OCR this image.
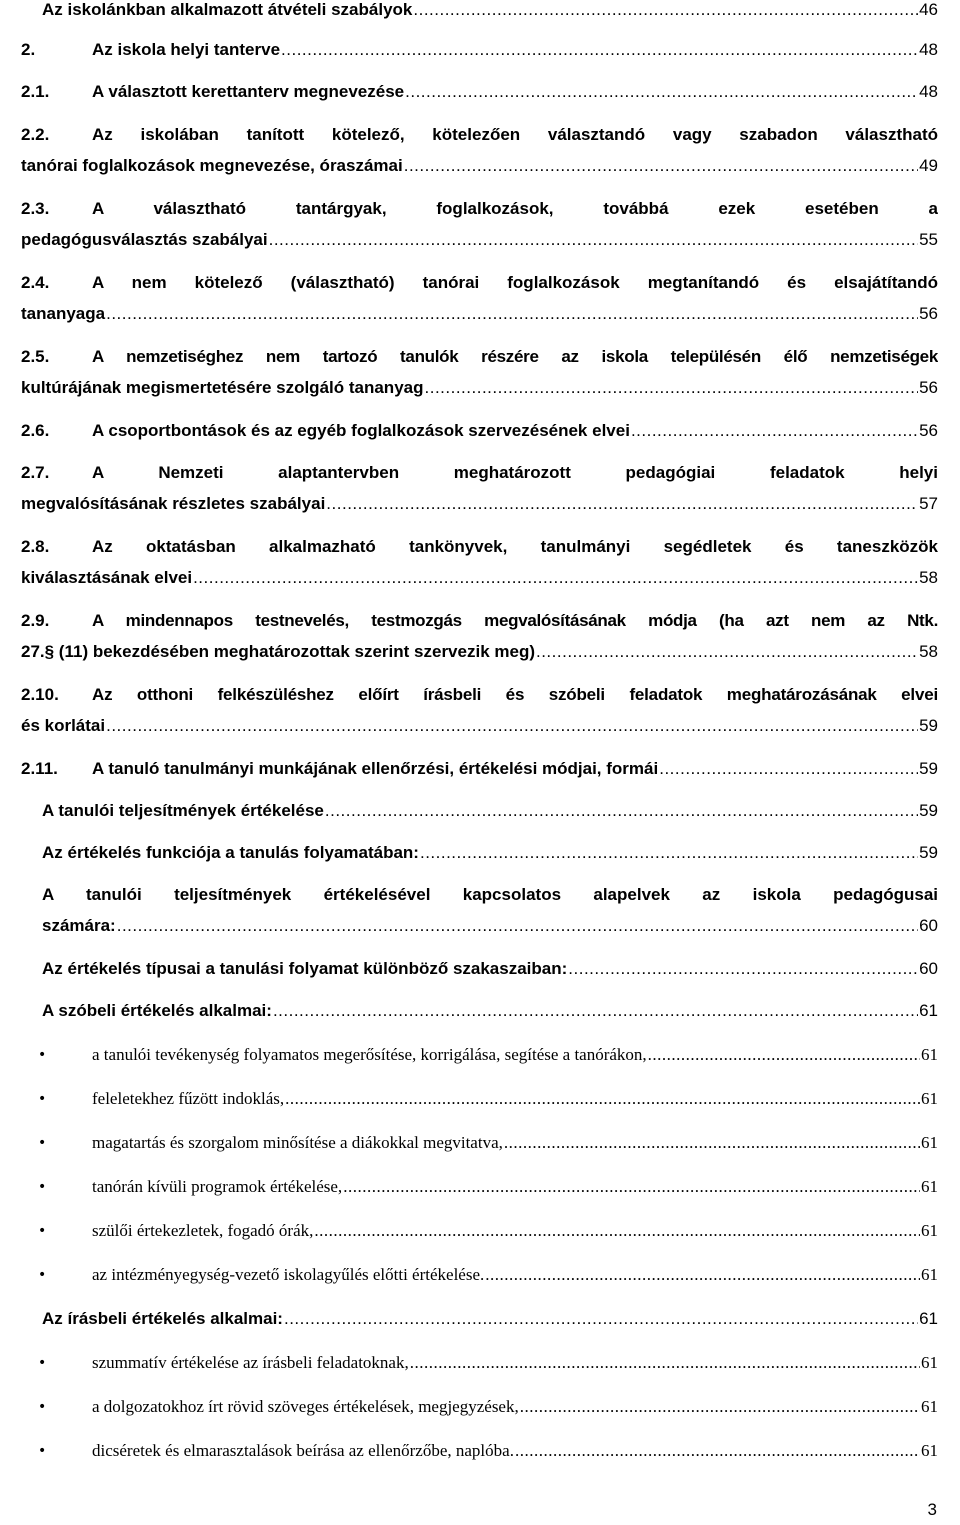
Az iskolánkban alkalmazott átvételi szabályok .....	46
2.	Az iskola helyi tanterve .....	48
2.1.	A választott kerettanterv megnevezése .....	48
2.2.	Az iskolában tanított kötelező, kötelezően választandó vagy szabadon választható
tanórai foglalkozások megnevezése, óraszámai .....	49
2.3.	A választható tantárgyak, foglalkozások, továbbá ezek esetében a
pedagógusválasztás szabályai .....	55
2.4.	A nem kötelező (választható) tanórai foglalkozások megtanítandó és elsajátítandó
tananyaga .....	56
2.5.	A nemzetiséghez nem tartozó tanulók részére az iskola településén élő nemzetiségek
kultúrájának megismertetésére szolgáló tananyag .....	56
2.6.	A csoportbontások és az egyéb foglalkozások szervezésének elvei .....	56
2.7.	A Nemzeti alaptantervben meghatározott pedagógiai feladatok helyi
megvalósításának részletes szabályai .....	57
2.8.	Az oktatásban alkalmazható tankönyvek, tanulmányi segédletek és taneszközök
kiválasztásának elvei .....	58
2.9.	A mindennapos testnevelés, testmozgás megvalósításának módja (ha azt nem az Ntk.
27.§ (11) bekezdésében meghatározottak szerint szervezik meg) .....	58
2.10. Az otthoni felkészüléshez előírt írásbeli és szóbeli feladatok meghatározásának elvei
és korlátai .....	59
2.11. A tanuló tanulmányi munkájának ellenőrzési, értékelési módjai, formái .....	59
A tanulói teljesítmények értékelése .....	59
Az értékelés funkciója a tanulás folyamatában: .....	59
A tanulói teljesítmények értékelésével kapcsolatos alapelvek az iskola pedagógusai
számára: .....	60
Az értékelés típusai a tanulási folyamat különböző szakaszaiban: .....	60
A szóbeli értékelés alkalmai: .....	61
•	a tanulói tevékenység folyamatos megerősítése, korrigálása, segítése a tanórákon, .....	61
•	feleletekhez fűzött indoklás, .....	61
•	magatartás és szorgalom minősítése a diákokkal megvitatva, .....	61
•	tanórán kívüli programok értékelése, .....	61
•	szülői értekezletek, fogadó órák, .....	61
•	az intézményegység-vezető iskolagyűlés előtti értékelése. .....	61
Az írásbeli értékelés alkalmai: .....	61
•	szummatív értékelése az írásbeli feladatoknak, .....	61
•	a dolgozatokhoz írt rövid szöveges értékelések, megjegyzések, .....	61
•	dicséretek és elmarasztalások beírása az ellenőrzőbe, naplóba. .....	61
3
